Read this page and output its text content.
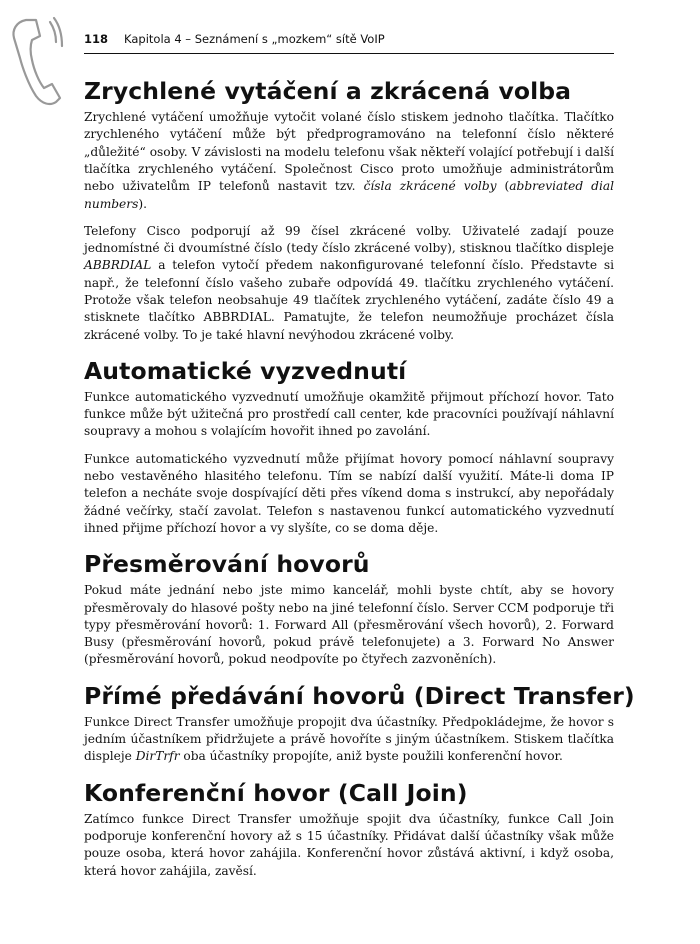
118 Kapitola 4 – Seznámení s „mozkem“ sítě VoIP
Zrychlené vytáčení a zkrácená volba

Zrychlené vytáčení umožňuje vytočit volané číslo stiskem jednoho tlačítka. Tlačítko zrychleného vytáčení může být předprogramováno na telefonní číslo některé „důležité“ osoby. V závislosti na modelu telefonu však někteří volající potřebují i další tlačítka zrychleného vytáčení. Společnost Cisco proto umožňuje administrátorům nebo uživatelům IP telefonů nastavit tzv. čísla zkrácené volby (abbreviated dial numbers).

Telefony Cisco podporují až 99 čísel zkrácené volby. Uživatelé zadají pouze jednomístné či dvoumístné číslo (tedy číslo zkrácené volby), stisknou tlačítko displeje ABBRDIAL a telefon vytočí předem nakonfigurované telefonní číslo. Představte si např., že telefonní číslo vašeho zubaře odpovídá 49. tlačítku zrychleného vytáčení. Protože však telefon neobsahuje 49 tlačítek zrychleného vytáčení, zadáte číslo 49 a stisknete tlačítko ABBRDIAL. Pamatujte, že telefon neumožňuje procházet čísla zkrácené volby. To je také hlavní nevýhodou zkrácené volby.

Automatické vyzvednutí

Funkce automatického vyzvednutí umožňuje okamžitě přijmout příchozí hovor. Tato funkce může být užitečná pro prostředí call center, kde pracovníci používají náhlavní soupravy a mohou s volajícím hovořit ihned po zavolání.

Funkce automatického vyzvednutí může přijímat hovory pomocí náhlavní soupravy nebo vestavěného hlasitého telefonu. Tím se nabízí další využití. Máte-li doma IP telefon a necháte svoje dospívající děti přes víkend doma s instrukcí, aby nepořádaly žádné večírky, stačí zavolat. Telefon s nastavenou funkcí automatického vyzvednutí ihned přijme příchozí hovor a vy slyšíte, co se doma děje.

Přesměrování hovorů

Pokud máte jednání nebo jste mimo kancelář, mohli byste chtít, aby se hovory přesměrovaly do hlasové pošty nebo na jiné telefonní číslo. Server CCM podporuje tři typy přesměrování hovorů: 1. Forward All (přesměrování všech hovorů), 2. Forward Busy (přesměrování hovorů, pokud právě telefonujete) a 3. Forward No Answer (přesměrování hovorů, pokud neodpovíte po čtyřech zazvoněních).

Přímé předávání hovorů (Direct Transfer)

Funkce Direct Transfer umožňuje propojit dva účastníky. Předpokládejme, že hovor s jedním účastníkem přidržujete a právě hovoříte s jiným účastníkem. Stiskem tlačítka displeje DirTrfr oba účastníky propojíte, aniž byste použili konferenční hovor.

Konferenční hovor (Call Join)

Zatímco funkce Direct Transfer umožňuje spojit dva účastníky, funkce Call Join podporuje konferenční hovory až s 15 účastníky. Přidávat další účastníky však může pouze osoba, která hovor zahájila. Konferenční hovor zůstává aktivní, i když osoba, která hovor zahájila, zavěsí.
